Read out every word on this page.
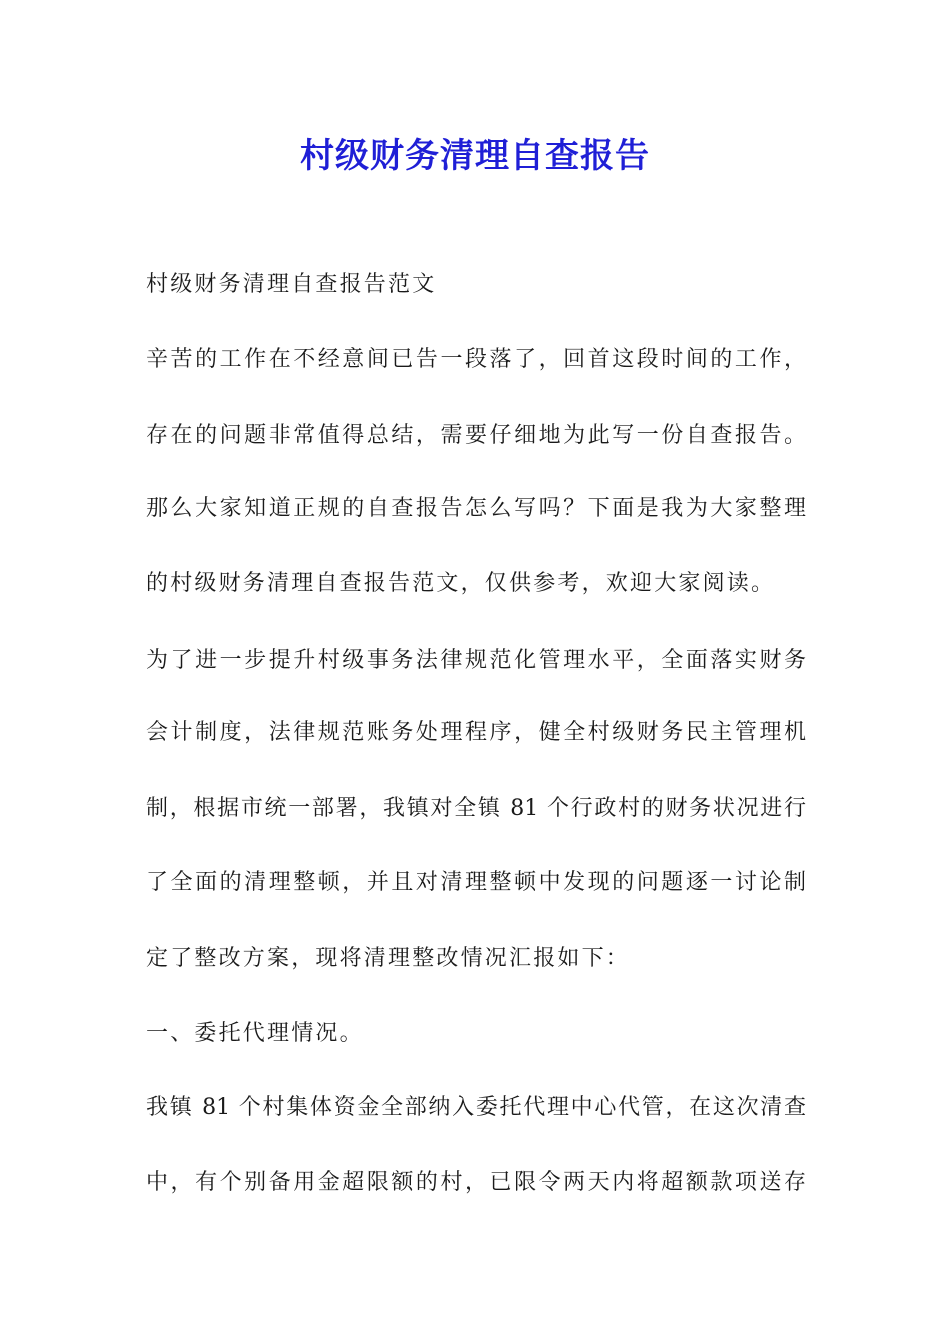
村级财务清理自查报告
村级财务清理自查报告范文
辛苦的工作在不经意间已告一段落了，回首这段时间的工作，
存在的问题非常值得总结，需要仔细地为此写一份自查报告。
那么大家知道正规的自查报告怎么写吗？下面是我为大家整理
的村级财务清理自查报告范文，仅供参考，欢迎大家阅读。
为了进一步提升村级事务法律规范化管理水平，全面落实财务
会计制度，法律规范账务处理程序，健全村级财务民主管理机
制，根据市统一部署，我镇对全镇 81 个行政村的财务状况进行
了全面的清理整顿，并且对清理整顿中发现的问题逐一讨论制
定了整改方案，现将清理整改情况汇报如下：
一、委托代理情况。
我镇 81 个村集体资金全部纳入委托代理中心代管，在这次清查
中，有个别备用金超限额的村，已限令两天内将超额款项送存
